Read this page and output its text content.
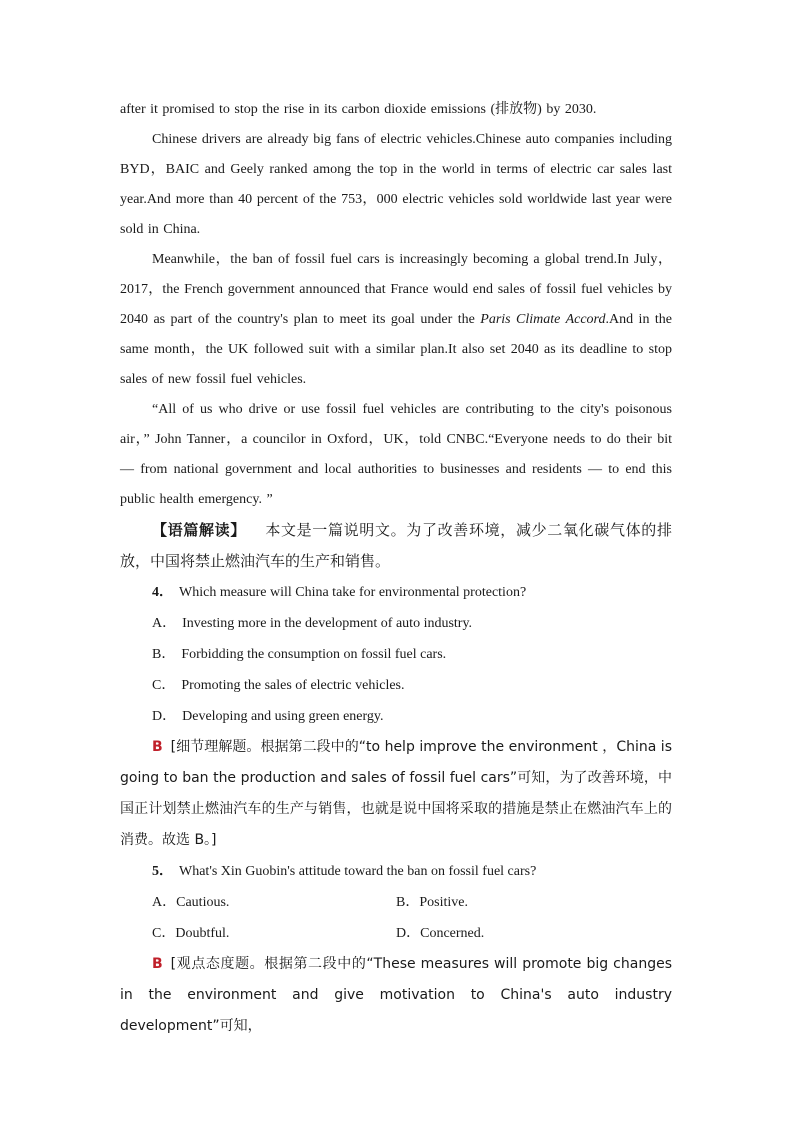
after it promised to stop the rise in its carbon dioxide emissions (排放物) by 2030.

Chinese drivers are already big fans of electric vehicles.Chinese auto companies including BYD，BAIC and Geely ranked among the top in the world in terms of electric car sales last year.And more than 40 percent of the 753，000 electric vehicles sold worldwide last year were sold in China.

Meanwhile，the ban of fossil fuel cars is increasingly becoming a global trend.In July，2017，the French government announced that France would end sales of fossil fuel vehicles by 2040 as part of the country's plan to meet its goal under the Paris Climate Accord.And in the same month，the UK followed suit with a similar plan.It also set 2040 as its deadline to stop sales of new fossil fuel vehicles.

“All of us who drive or use fossil fuel vehicles are contributing to the city's poisonous air，” John Tanner，a councilor in Oxford，UK，told CNBC.“Everyone needs to do their bit — from national government and local authorities to businesses and residents — to end this public health emergency. ”

【语篇解读】 本文是一篇说明文。为了改善环境，减少二氧化碳气体的排放，中国将禁止燃油汽车的生产和销售。

4． Which measure will China take for environmental protection?

A． Investing more in the development of auto industry.

B． Forbidding the consumption on fossil fuel cars.

C． Promoting the sales of electric vehicles.

D． Developing and using green energy.

B [细节理解题。根据第二段中的“to help improve the environment ，China is going to ban the production and sales of fossil fuel cars”可知，为了改善环境，中国正计划禁止燃油汽车的生产与销售，也就是说中国将采取的措施是禁止在燃油汽车上的消费。故选 B。]

5． What's Xin Guobin's attitude toward the ban on fossil fuel cars?

A．Cautious.	B．Positive.
C．Doubtful.	D．Concerned.

B [观点态度题。根据第二段中的“These measures will promote big changes in the environment and give motivation to China's auto industry development”可知，
